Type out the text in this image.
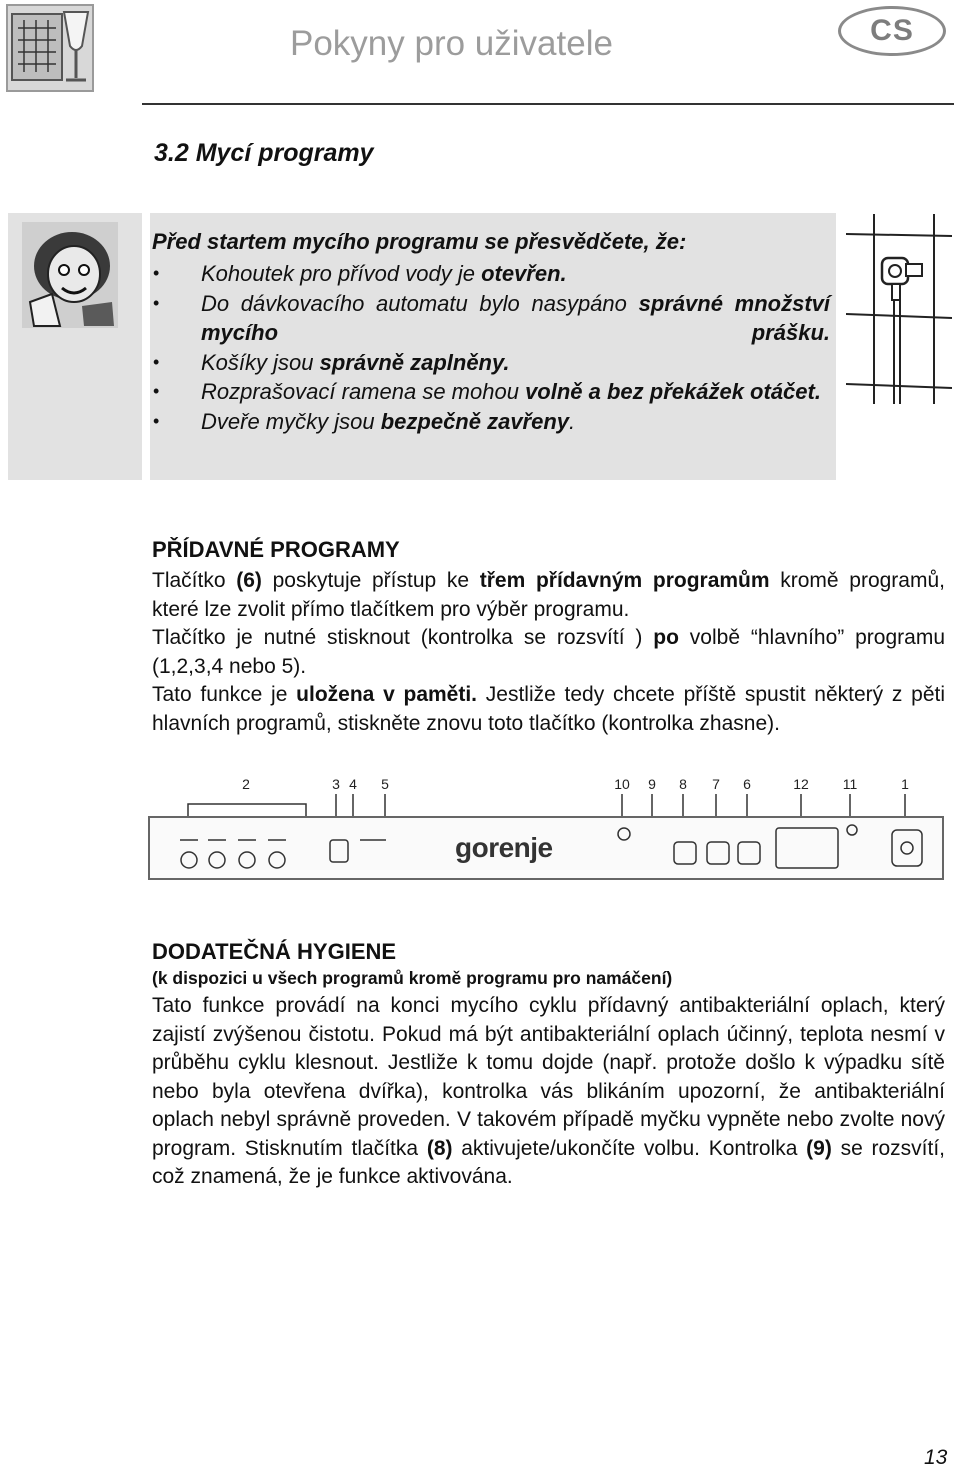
Pokyny pro uživatele	CS
3.2 Mycí programy
Před startem mycího programu se přesvědčete, že:
• Kohoutek pro přívod vody je otevřen.
• Do dávkovacího automatu bylo nasypáno správné množství mycího prášku.
• Košíky jsou správně zaplněny.
• Rozprašovací ramena se mohou volně a bez překážek otáčet.
• Dveře myčky jsou bezpečně zavřeny.
PŘÍDAVNÉ PROGRAMY
Tlačítko (6) poskytuje přístup ke třem přídavným programům kromě programů, které lze zvolit přímo tlačítkem pro výběr programu.
Tlačítko je nutné stisknout (kontrolka se rozsvítí ) po volbě “hlavního” programu (1,2,3,4 nebo 5).
Tato funkce je uložena v paměti. Jestliže tedy chcete příště spustit některý z pěti hlavních programů, stiskněte znovu toto tlačítko (kontrolka zhasne).
2	3 4 5	10 9 8 7 6	12 11	1
gorenje
DODATEČNÁ HYGIENE
(k dispozici u všech programů kromě programu pro namáčení)
Tato funkce provádí na konci mycího cyklu přídavný antibakteriální oplach, který zajistí zvýšenou čistotu. Pokud má být antibakteriální oplach účinný, teplota nesmí v průběhu cyklu klesnout. Jestliže k tomu dojde (např. protože došlo k výpadku sítě nebo byla otevřena dvířka), kontrolka vás blikáním upozorní, že antibakteriální oplach nebyl správně proveden. V takovém případě myčku vypněte nebo zvolte nový program. Stisknutím tlačítka (8) aktivujete/ukončíte volbu. Kontrolka (9) se rozsvítí, což znamená, že je funkce aktivována.
13
